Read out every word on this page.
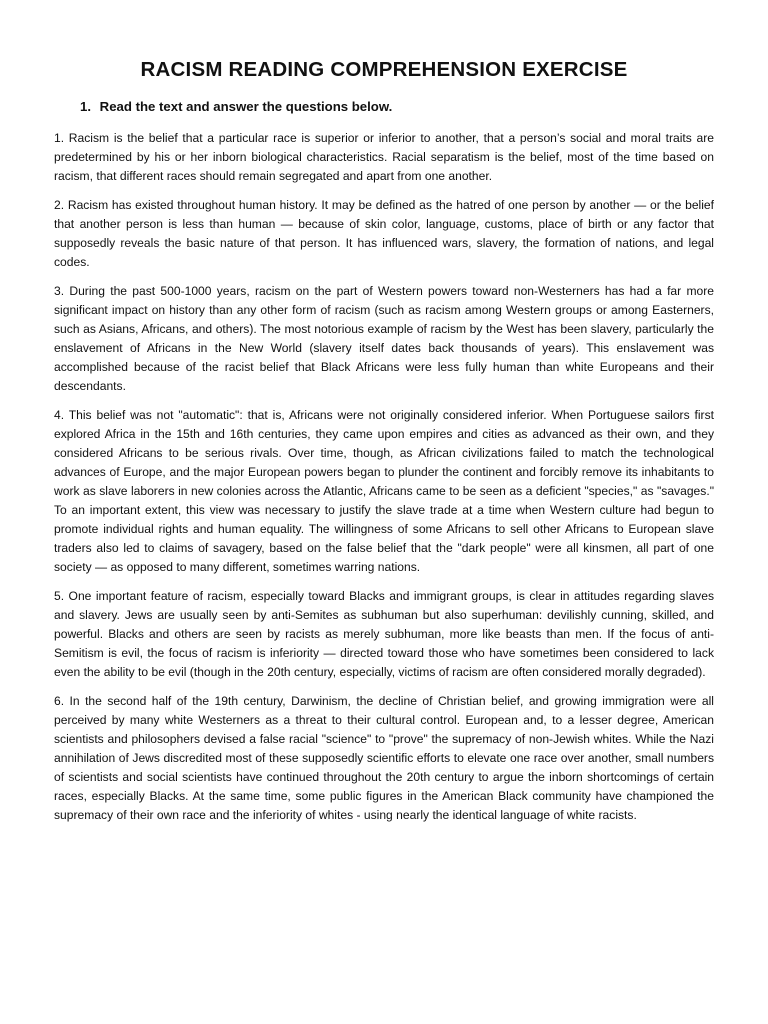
RACISM READING COMPREHENSION EXERCISE
1. Read the text and answer the questions below.

1. Racism is the belief that a particular race is superior or inferior to another, that a person’s social and moral traits are predetermined by his or her inborn biological characteristics. Racial separatism is the belief, most of the time based on racism, that different races should remain segregated and apart from one another.

2. Racism has existed throughout human history. It may be defined as the hatred of one person by another — or the belief that another person is less than human — because of skin color, language, customs, place of birth or any factor that supposedly reveals the basic nature of that person. It has influenced wars, slavery, the formation of nations, and legal codes.

3. During the past 500-1000 years, racism on the part of Western powers toward non-Westerners has had a far more significant impact on history than any other form of racism (such as racism among Western groups or among Easterners, such as Asians, Africans, and others). The most notorious example of racism by the West has been slavery, particularly the enslavement of Africans in the New World (slavery itself dates back thousands of years). This enslavement was accomplished because of the racist belief that Black Africans were less fully human than white Europeans and their descendants.

4. This belief was not "automatic": that is, Africans were not originally considered inferior. When Portuguese sailors first explored Africa in the 15th and 16th centuries, they came upon empires and cities as advanced as their own, and they considered Africans to be serious rivals. Over time, though, as African civilizations failed to match the technological advances of Europe, and the major European powers began to plunder the continent and forcibly remove its inhabitants to work as slave laborers in new colonies across the Atlantic, Africans came to be seen as a deficient "species," as "savages." To an important extent, this view was necessary to justify the slave trade at a time when Western culture had begun to promote individual rights and human equality. The willingness of some Africans to sell other Africans to European slave traders also led to claims of savagery, based on the false belief that the "dark people" were all kinsmen, all part of one society — as opposed to many different, sometimes warring nations.

5. One important feature of racism, especially toward Blacks and immigrant groups, is clear in attitudes regarding slaves and slavery. Jews are usually seen by anti-Semites as subhuman but also superhuman: devilishly cunning, skilled, and powerful. Blacks and others are seen by racists as merely subhuman, more like beasts than men. If the focus of anti- Semitism is evil, the focus of racism is inferiority — directed toward those who have sometimes been considered to lack even the ability to be evil (though in the 20th century, especially, victims of racism are often considered morally degraded).

6. In the second half of the 19th century, Darwinism, the decline of Christian belief, and growing immigration were all perceived by many white Westerners as a threat to their cultural control. European and, to a lesser degree, American scientists and philosophers devised a false racial "science" to "prove" the supremacy of non-Jewish whites. While the Nazi annihilation of Jews discredited most of these supposedly scientific efforts to elevate one race over another, small numbers of scientists and social scientists have continued throughout the 20th century to argue the inborn shortcomings of certain races, especially Blacks. At the same time, some public figures in the American Black community have championed the supremacy of their own race and the inferiority of whites - using nearly the identical language of white racists.
